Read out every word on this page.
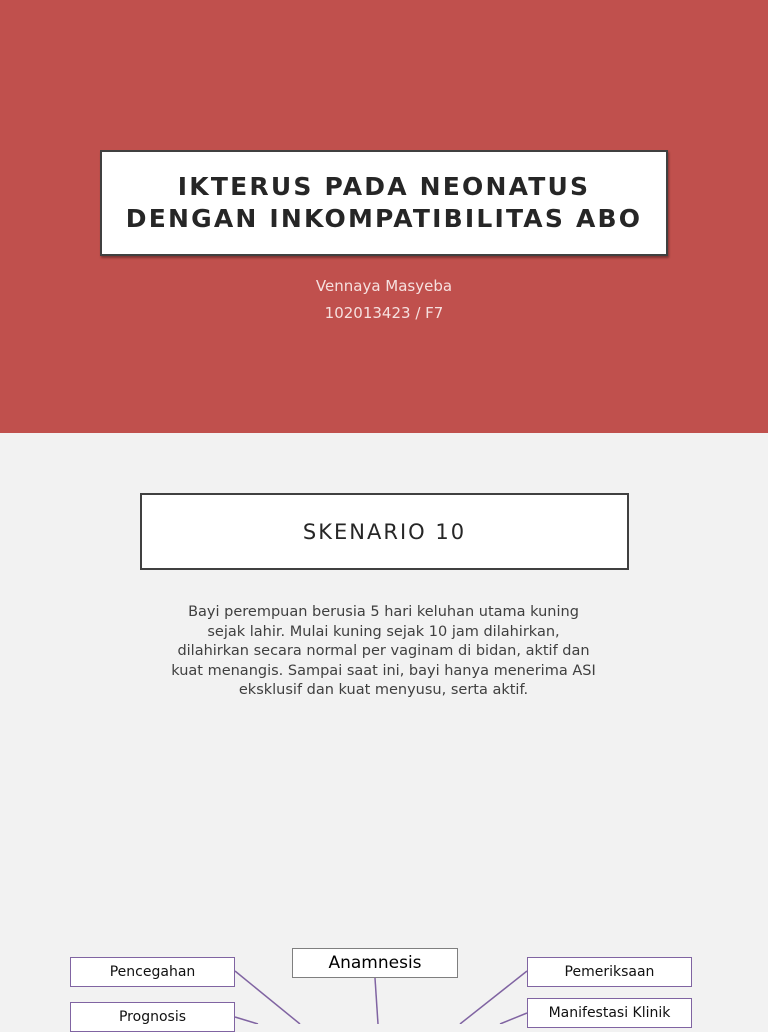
IKTERUS PADA NEONATUS
DENGAN INKOMPATIBILITAS ABO
Vennaya Masyeba
102013423 / F7
SKENARIO 10
Bayi perempuan berusia 5 hari keluhan utama kuning
sejak lahir. Mulai kuning sejak 10 jam dilahirkan,
dilahirkan secara normal per vaginam di bidan, aktif dan
kuat menangis. Sampai saat ini, bayi hanya menerima ASI
eksklusif dan kuat menyusu, serta aktif.
Pencegahan
Prognosis
Anamnesis	Pemeriksaan
Manifestasi Klinik
